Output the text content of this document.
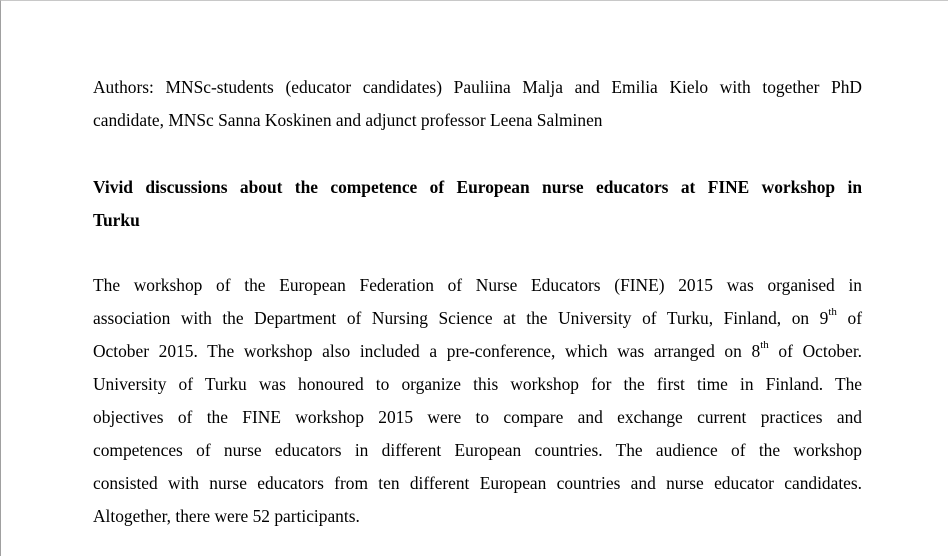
Authors: MNSc-students (educator candidates) Pauliina Malja and Emilia Kielo with together PhD
candidate, MNSc Sanna Koskinen and adjunct professor Leena Salminen
Vivid discussions about the competence of European nurse educators at FINE workshop in
Turku
The workshop of the European Federation of Nurse Educators (FINE) 2015 was organised in
association with the Department of Nursing Science at the University of Turku, Finland, on 9th of
October 2015. The workshop also included a pre-conference, which was arranged on 8th of October.
University of Turku was honoured to organize this workshop for the first time in Finland. The
objectives of the FINE workshop 2015 were to compare and exchange current practices and
competences of nurse educators in different European countries. The audience of the workshop
consisted with nurse educators from ten different European countries and nurse educator candidates.
Altogether, there were 52 participants.
